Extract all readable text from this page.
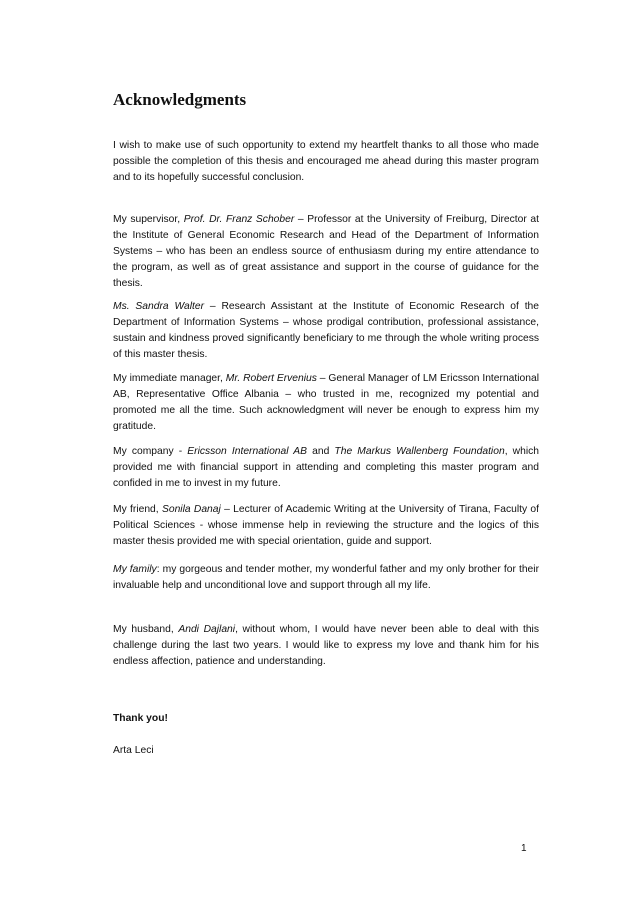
Acknowledgments

I wish to make use of such opportunity to extend my heartfelt thanks to all those who made possible the completion of this thesis and encouraged me ahead during this master program and to its hopefully successful conclusion.

My supervisor, Prof. Dr. Franz Schober – Professor at the University of Freiburg, Director at the Institute of General Economic Research and Head of the Department of Information Systems – who has been an endless source of enthusiasm during my entire attendance to the program, as well as of great assistance and support in the course of guidance for the thesis.

Ms. Sandra Walter – Research Assistant at the Institute of Economic Research of the Department of Information Systems – whose prodigal contribution, professional assistance, sustain and kindness proved significantly beneficiary to me through the whole writing process of this master thesis.

My immediate manager, Mr. Robert Ervenius – General Manager of LM Ericsson International AB, Representative Office Albania – who trusted in me, recognized my potential and promoted me all the time. Such acknowledgment will never be enough to express him my gratitude.

My company - Ericsson International AB and The Markus Wallenberg Foundation, which provided me with financial support in attending and completing this master program and confided in me to invest in my future.

My friend, Sonila Danaj – Lecturer of Academic Writing at the University of Tirana, Faculty of Political Sciences - whose immense help in reviewing the structure and the logics of this master thesis provided me with special orientation, guide and support.

My family: my gorgeous and tender mother, my wonderful father and my only brother for their invaluable help and unconditional love and support through all my life.

My husband, Andi Dajlani, without whom, I would have never been able to deal with this challenge during the last two years. I would like to express my love and thank him for his endless affection, patience and understanding.

Thank you!

Arta Leci

1
